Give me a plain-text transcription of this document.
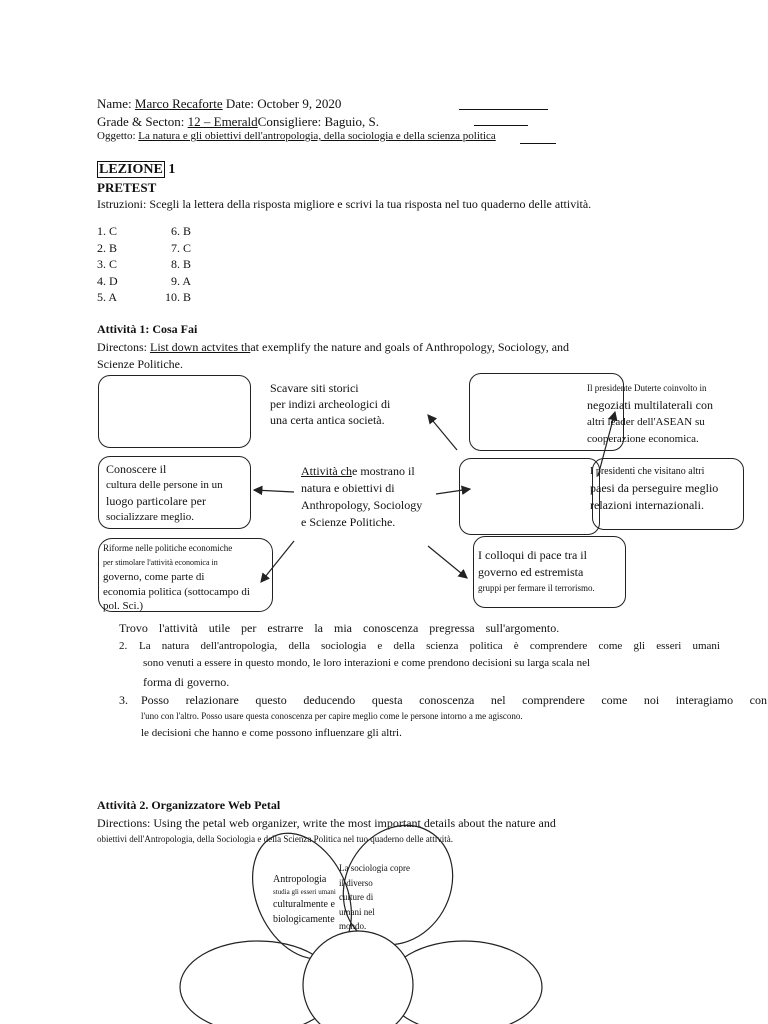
Name: Marco Recaforte Date: October 9, 2020
Grade & Secton: 12 – EmeraldConsigliere: Baguio, S.
Oggetto: La natura e gli obiettivi dell'antropologia, della sociologia e della scienza politica
LEZIONE 1
PRETEST
Istruzioni: Scegli la lettera della risposta migliore e scrivi la tua risposta nel tuo quaderno delle attività.
1. C
2. B
3. C
4. D
5. A
6. B
7. C
8. B
9. A
10. B
Attività 1: Cosa Fai
Directons: List down actvites that exemplify the nature and goals of Anthropology, Sociology, and
Scienze Politiche.
Scavare siti storici
per indizi archeologici di
una certa antica società.
Attività che mostrano il
natura e obiettivi di
Anthropology, Sociology
e Scienze Politiche.
Conoscere il
cultura delle persone in un
luogo particolare per
socializzare meglio.
Riforme nelle politiche economiche
per stimolare l'attività economica in
governo, come parte di
economia politica (sottocampo di
pol. Sci.)
Il presidente Duterte coinvolto in
negoziati multilaterali con
altri leader dell'ASEAN su
cooperazione economica.
I presidenti che visitano altri
paesi da perseguire meglio
relazioni internazionali.
I colloqui di pace tra il
governo ed estremista
gruppi per fermare il terrorismo.
Trovo l'attività utile per estrarre la mia conoscenza pregressa sull'argomento.
2. La natura dell'antropologia, della sociologia e della scienza politica è comprendere come gli esseri umani
sono venuti a essere in questo mondo, le loro interazioni e come prendono decisioni su larga scala nel
forma di governo.
3. Posso relazionare questo deducendo questa conoscenza nel comprendere come noi interagiamo con
l'uno con l'altro. Posso usare questa conoscenza per capire meglio come le persone intorno a me agiscono.
le decisioni che hanno e come possono influenzare gli altri.
Attività 2. Organizzatore Web Petal
Directions: Using the petal web organizer, write the most important details about the nature and
obiettivi dell'Antropologia, della Sociologia e della Scienza Politica nel tuo quaderno delle attività.
Antropologia
studia gli esseri umani
culturalmente e
biologicamente
La sociologia copre
il diverso
culture di
umani nel
mondo.
